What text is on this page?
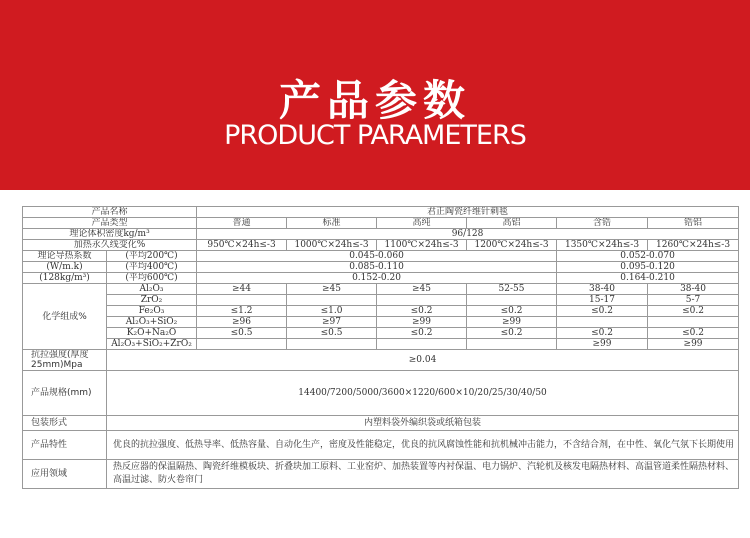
产品参数
PRODUCT PARAMETERS
产品名称		君正陶瓷纤维针刺毯					
产品类型		普通	标准	高纯	高铝	含锆	锆铝
理论体积密度kg/m³		96/128					
加热永久线变化%		950℃×24h≤-3	1000℃×24h≤-3	1100℃×24h≤-3	1200℃×24h≤-3	1350℃×24h≤-3	1260℃×24h≤-3
理论导热系数	(平均200℃)	0.045-0.060				0.052-0.070	
(W/m.k)	(平均400℃)	0.085-0.110				0.095-0.120	
(128kg/m³)	(平均600℃)	0.152-0.20				0.164-0.210	
化学组成%	Al₂O₃	≥44	≥45	≥45	52-55	38-40	38-40
	ZrO₂					15-17	5-7
	Fe₂O₃	≤1.2	≤1.0	≤0.2	≤0.2	≤0.2	≤0.2
	Al₂O₃+SiO₂	≥96	≥97	≥99	≥99		
	K₂O+Na₂O	≤0.5	≤0.5	≤0.2	≤0.2	≤0.2	≤0.2
	Al₂O₃+SiO₂+ZrO₂					≥99	≥99
抗拉强度(厚度
25mm)Mpa	≥0.04						
产品规格(mm)	14400/7200/5000/3600×1220/600×10/20/25/30/40/50						
包装形式	内塑料袋外编织袋或纸箱包装						
产品特性	优良的抗拉强度、低热导率、低热容量、自动化生产，密度及性能稳定，优良的抗风腐蚀性能和抗机械冲击能力，不含结合剂，在中性、氧化气氛下长期使用						
应用领域	热反应器的保温隔热、陶瓷纤维模板块、折叠块加工原料、工业窑炉、加热装置等内衬保温、电力锅炉、汽轮机及核发电隔热材料、高温管道柔性隔热材料、高温过滤、防火卷帘门						
